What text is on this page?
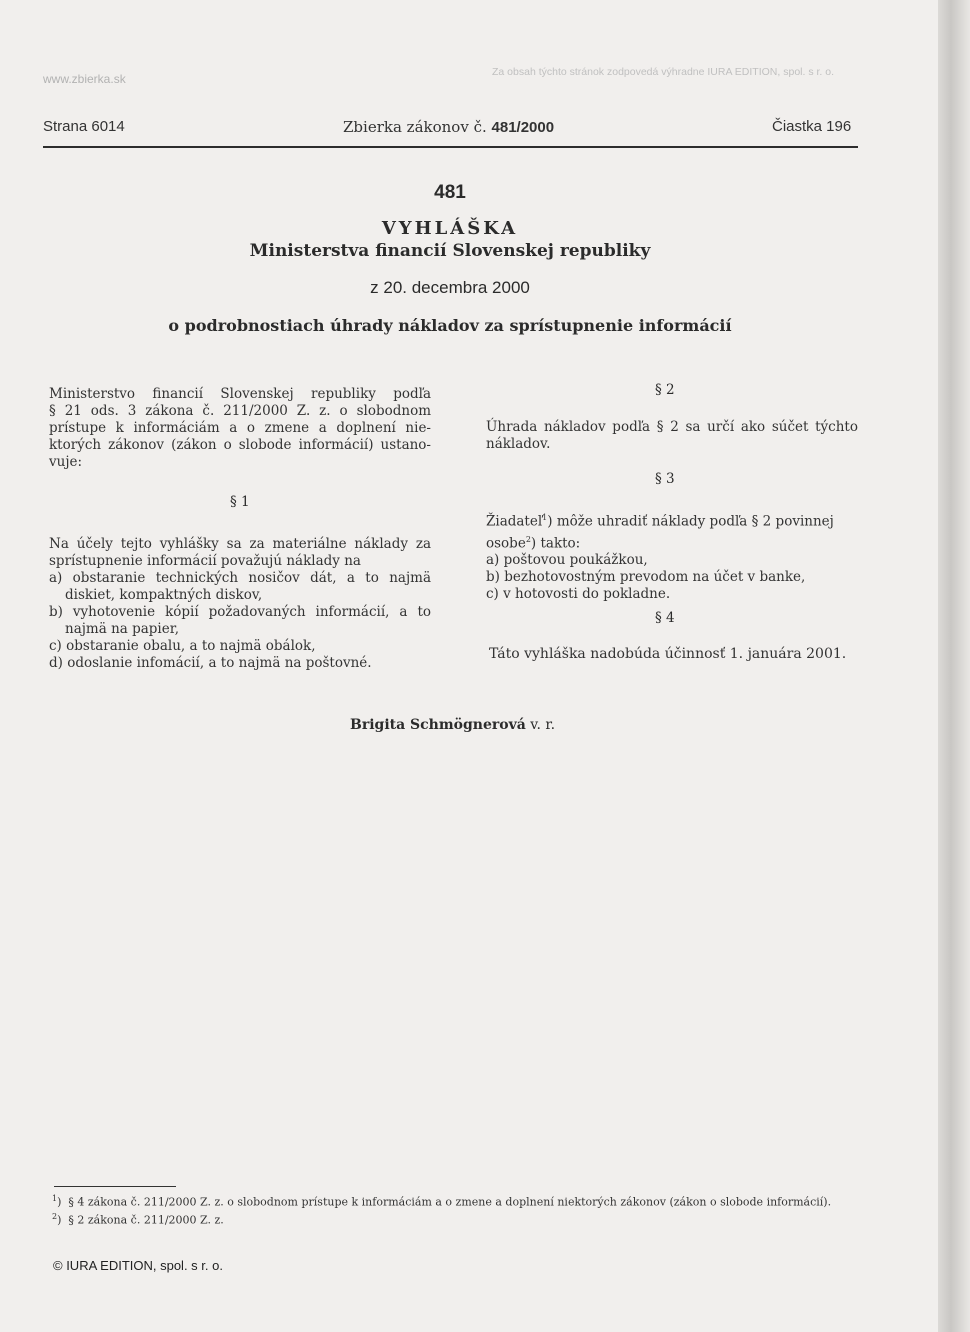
www.zbierka.sk	Za obsah týchto stránok zodpovedá výhradne IURA EDITION, spol. s r. o.
Strana 6014	Zbierka zákonov č. 481/2000	Čiastka 196
481
VYHLÁŠKA
Ministerstva financií Slovenskej republiky
z 20. decembra 2000
o podrobnostiach úhrady nákladov za sprístupnenie informácií
Ministerstvo financií Slovenskej republiky podľa
§ 21 ods. 3 zákona č. 211/2000 Z. z. o slobodnom
prístupe k informáciám a o zmene a doplnení nie-
ktorých zákonov (zákon o slobode informácií) ustano-
vuje:
§ 1
Na účely tejto vyhlášky sa za materiálne náklady za
sprístupnenie informácií považujú náklady na
a) obstaranie technických nosičov dát, a to najmä
diskiet, kompaktných diskov,
b) vyhotovenie kópií požadovaných informácií, a to
najmä na papier,
c) obstaranie obalu, a to najmä obálok,
d) odoslanie infomácií, a to najmä na poštovné.
§ 2
Úhrada nákladov podľa § 2 sa určí ako súčet týchto
nákladov.
§ 3
Žiadateľ$^1$) môže uhradiť náklady podľa § 2 povinnej
osobe$^2$) takto:
a) poštovou poukážkou,
b) bezhotovostným prevodom na účet v banke,
c) v hotovosti do pokladne.
§ 4
Táto vyhláška nadobúda účinnosť 1. januára 2001.
Brigita Schmögnerová v. r.
$^1$)  § 4 zákona č. 211/2000 Z. z. o slobodnom prístupe k informáciám a o zmene a doplnení niektorých zákonov (zákon o slobode informácií).
$^2$)  § 2 zákona č. 211/2000 Z. z.
© IURA EDITION, spol. s r. o.
